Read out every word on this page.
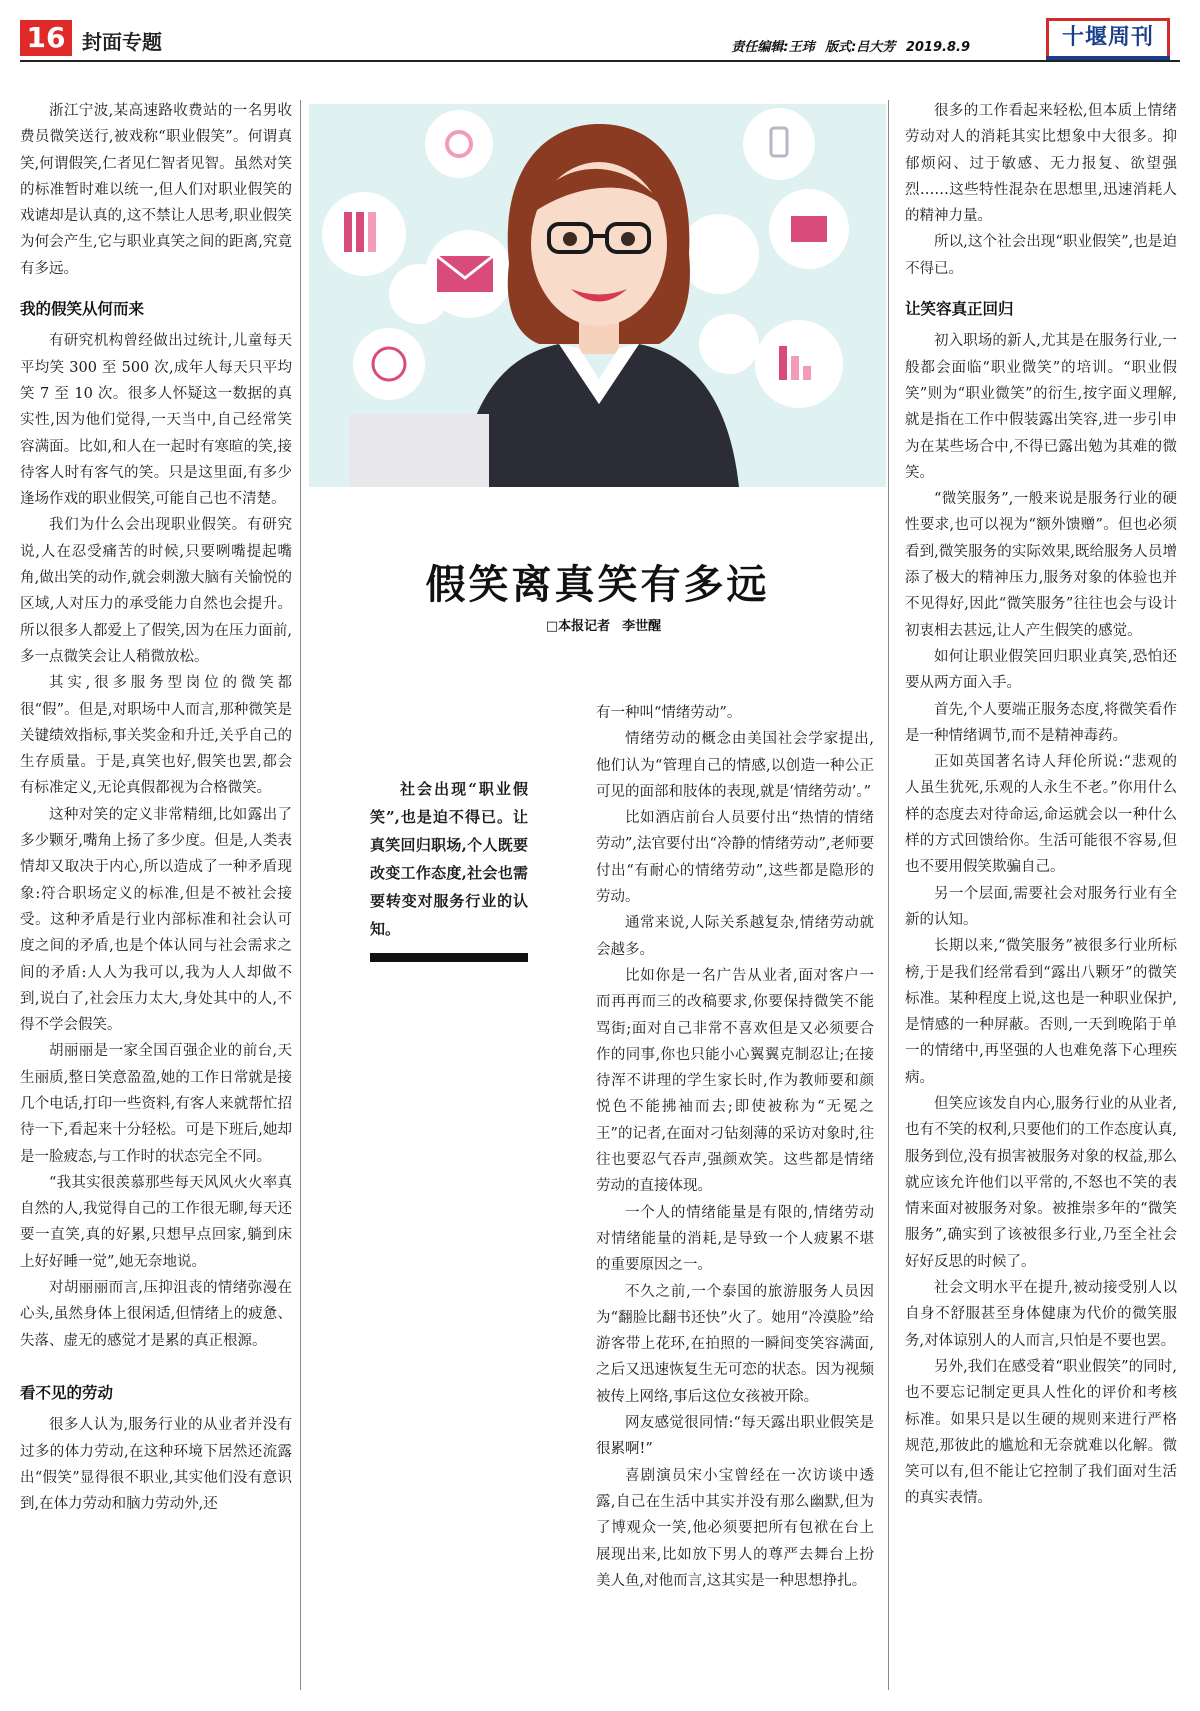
16 封面专题	责任编辑:王玮 版式:吕大芳 2019.8.9	十堰周刊

浙江宁波,某高速路收费站的一名男收费员微笑送行,被戏称“职业假笑”。何谓真笑,何谓假笑,仁者见仁智者见智。虽然对笑的标准暂时难以统一,但人们对职业假笑的戏谑却是认真的,这不禁让人思考,职业假笑为何会产生,它与职业真笑之间的距离,究竟有多远。

我的假笑从何而来

有研究机构曾经做出过统计,儿童每天平均笑 300 至 500 次,成年人每天只平均笑 7 至 10 次。很多人怀疑这一数据的真实性,因为他们觉得,一天当中,自己经常笑容满面。比如,和人在一起时有寒暄的笑,接待客人时有客气的笑。只是这里面,有多少逢场作戏的职业假笑,可能自己也不清楚。

我们为什么会出现职业假笑。有研究说,人在忍受痛苦的时候,只要咧嘴提起嘴角,做出笑的动作,就会刺激大脑有关愉悦的区域,人对压力的承受能力自然也会提升。所以很多人都爱上了假笑,因为在压力面前,多一点微笑会让人稍微放松。

其实,很多服务型岗位的微笑都很“假”。但是,对职场中人而言,那种微笑是关键绩效指标,事关奖金和升迁,关乎自己的生存质量。于是,真笑也好,假笑也罢,都会有标准定义,无论真假都视为合格微笑。

这种对笑的定义非常精细,比如露出了多少颗牙,嘴角上扬了多少度。但是,人类表情却又取决于内心,所以造成了一种矛盾现象:符合职场定义的标准,但是不被社会接受。这种矛盾是行业内部标准和社会认可度之间的矛盾,也是个体认同与社会需求之间的矛盾:人人为我可以,我为人人却做不到,说白了,社会压力太大,身处其中的人,不得不学会假笑。

胡丽丽是一家全国百强企业的前台,天生丽质,整日笑意盈盈,她的工作日常就是接几个电话,打印一些资料,有客人来就帮忙招待一下,看起来十分轻松。可是下班后,她却是一脸疲态,与工作时的状态完全不同。

“我其实很羡慕那些每天风风火火率真自然的人,我觉得自己的工作很无聊,每天还要一直笑,真的好累,只想早点回家,躺到床上好好睡一觉”,她无奈地说。

对胡丽丽而言,压抑沮丧的情绪弥漫在心头,虽然身体上很闲适,但情绪上的疲惫、失落、虚无的感觉才是累的真正根源。

看不见的劳动

很多人认为,服务行业的从业者并没有过多的体力劳动,在这种环境下居然还流露出“假笑”显得很不职业,其实他们没有意识到,在体力劳动和脑力劳动外,还

假笑离真笑有多远
□本报记者 李世醒
社会出现“职业假笑”,也是迫不得已。让真笑回归职场,个人既要改变工作态度,社会也需要转变对服务行业的认知。

有一种叫“情绪劳动”。

情绪劳动的概念由美国社会学家提出,他们认为“管理自己的情感,以创造一种公正可见的面部和肢体的表现,就是‘情绪劳动’。”

比如酒店前台人员要付出“热情的情绪劳动”,法官要付出“冷静的情绪劳动”,老师要付出“有耐心的情绪劳动”,这些都是隐形的劳动。

通常来说,人际关系越复杂,情绪劳动就会越多。

比如你是一名广告从业者,面对客户一而再再而三的改稿要求,你要保持微笑不能骂街;面对自己非常不喜欢但是又必须要合作的同事,你也只能小心翼翼克制忍让;在接待浑不讲理的学生家长时,作为教师要和颜悦色不能拂袖而去;即使被称为“无冕之王”的记者,在面对刁钻刻薄的采访对象时,往往也要忍气吞声,强颜欢笑。这些都是情绪劳动的直接体现。

一个人的情绪能量是有限的,情绪劳动对情绪能量的消耗,是导致一个人疲累不堪的重要原因之一。

不久之前,一个泰国的旅游服务人员因为“翻脸比翻书还快”火了。她用“冷漠脸”给游客带上花环,在拍照的一瞬间变笑容满面,之后又迅速恢复生无可恋的状态。因为视频被传上网络,事后这位女孩被开除。

网友感觉很同情:“每天露出职业假笑是很累啊!”

喜剧演员宋小宝曾经在一次访谈中透露,自己在生活中其实并没有那么幽默,但为了博观众一笑,他必须要把所有包袱在台上展现出来,比如放下男人的尊严去舞台上扮美人鱼,对他而言,这其实是一种思想挣扎。

很多的工作看起来轻松,但本质上情绪劳动对人的消耗其实比想象中大很多。抑郁烦闷、过于敏感、无力报复、欲望强烈……这些特性混杂在思想里,迅速消耗人的精神力量。

所以,这个社会出现“职业假笑”,也是迫不得已。

让笑容真正回归

初入职场的新人,尤其是在服务行业,一般都会面临“职业微笑”的培训。“职业假笑”则为“职业微笑”的衍生,按字面义理解,就是指在工作中假装露出笑容,进一步引申为在某些场合中,不得已露出勉为其难的微笑。

“微笑服务”,一般来说是服务行业的硬性要求,也可以视为“额外馈赠”。但也必须看到,微笑服务的实际效果,既给服务人员增添了极大的精神压力,服务对象的体验也并不见得好,因此“微笑服务”往往也会与设计初衷相去甚远,让人产生假笑的感觉。

如何让职业假笑回归职业真笑,恐怕还要从两方面入手。

首先,个人要端正服务态度,将微笑看作是一种情绪调节,而不是精神毒药。

正如英国著名诗人拜伦所说:“悲观的人虽生犹死,乐观的人永生不老。”你用什么样的态度去对待命运,命运就会以一种什么样的方式回馈给你。生活可能很不容易,但也不要用假笑欺骗自己。

另一个层面,需要社会对服务行业有全新的认知。

长期以来,“微笑服务”被很多行业所标榜,于是我们经常看到“露出八颗牙”的微笑标准。某种程度上说,这也是一种职业保护,是情感的一种屏蔽。否则,一天到晚陷于单一的情绪中,再坚强的人也难免落下心理疾病。

但笑应该发自内心,服务行业的从业者,也有不笑的权利,只要他们的工作态度认真,服务到位,没有损害被服务对象的权益,那么就应该允许他们以平常的,不怒也不笑的表情来面对被服务对象。被推崇多年的“微笑服务”,确实到了该被很多行业,乃至全社会好好反思的时候了。

社会文明水平在提升,被动接受别人以自身不舒服甚至身体健康为代价的微笑服务,对体谅别人的人而言,只怕是不要也罢。

另外,我们在感受着“职业假笑”的同时,也不要忘记制定更具人性化的评价和考核标准。如果只是以生硬的规则来进行严格规范,那彼此的尴尬和无奈就难以化解。微笑可以有,但不能让它控制了我们面对生活的真实表情。
